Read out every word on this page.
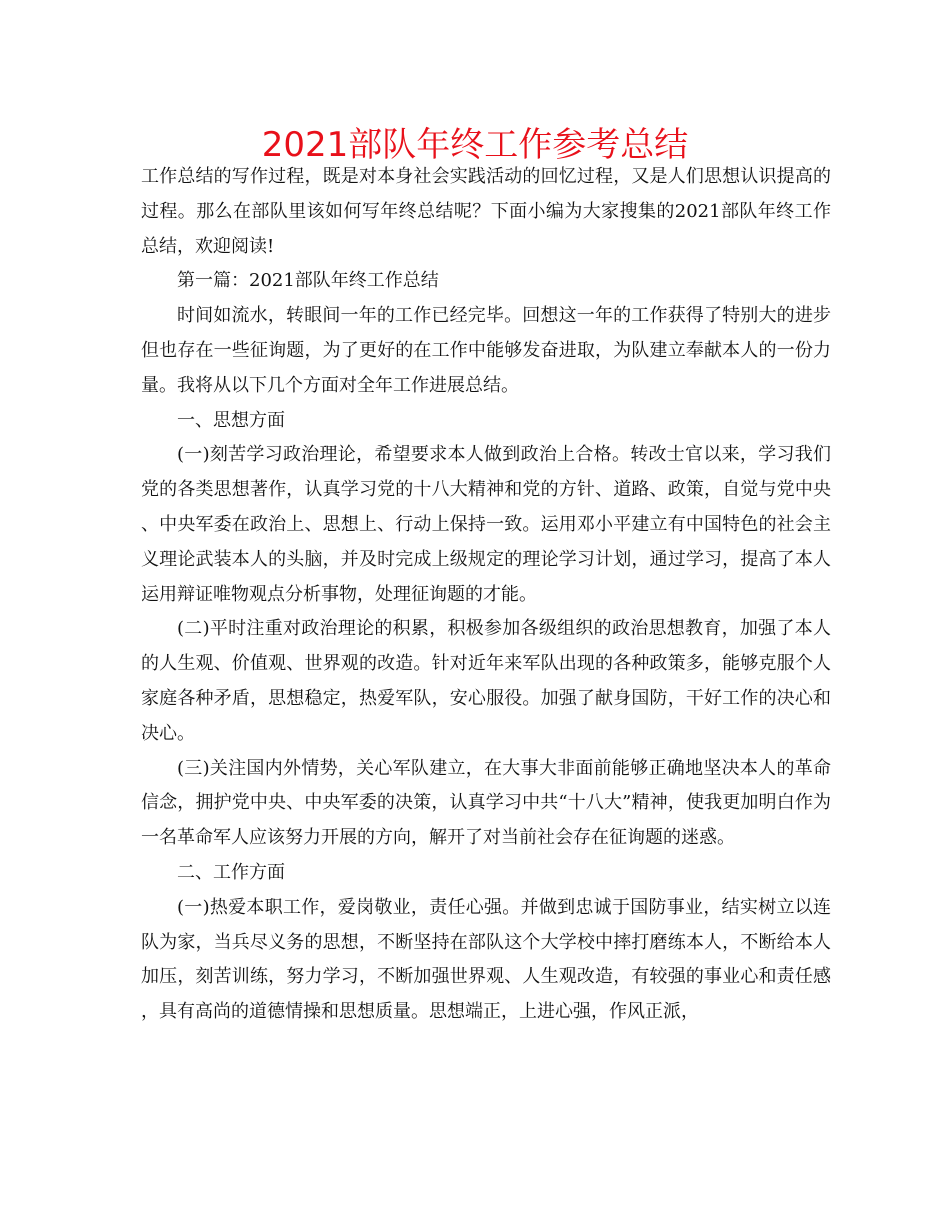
2021部队年终工作参考总结

工作总结的写作过程，既是对本身社会实践活动的回忆过程，又是人们思想认识提高的过程。那么在部队里该如何写年终总结呢？下面小编为大家搜集的2021部队年终工作总结，欢迎阅读!

第一篇：2021部队年终工作总结

时间如流水，转眼间一年的工作已经完毕。回想这一年的工作获得了特别大的进步但也存在一些征询题，为了更好的在工作中能够发奋进取，为队建立奉献本人的一份力量。我将从以下几个方面对全年工作进展总结。

一、思想方面

(一)刻苦学习政治理论，希望要求本人做到政治上合格。转改士官以来，学习我们党的各类思想著作，认真学习党的十八大精神和党的方针、道路、政策，自觉与党中央、中央军委在政治上、思想上、行动上保持一致。运用邓小平建立有中国特色的社会主义理论武装本人的头脑，并及时完成上级规定的理论学习计划，通过学习，提高了本人运用辩证唯物观点分析事物，处理征询题的才能。

(二)平时注重对政治理论的积累，积极参加各级组织的政治思想教育，加强了本人的人生观、价值观、世界观的改造。针对近年来军队出现的各种政策多，能够克服个人家庭各种矛盾，思想稳定，热爱军队，安心服役。加强了献身国防，干好工作的决心和决心。

(三)关注国内外情势，关心军队建立，在大事大非面前能够正确地坚决本人的革命信念，拥护党中央、中央军委的决策，认真学习中共“十八大”精神，使我更加明白作为一名革命军人应该努力开展的方向，解开了对当前社会存在征询题的迷惑。

二、工作方面

(一)热爱本职工作，爱岗敬业，责任心强。并做到忠诚于国防事业，结实树立以连队为家，当兵尽义务的思想，不断坚持在部队这个大学校中摔打磨练本人，不断给本人加压，刻苦训练，努力学习，不断加强世界观、人生观改造，有较强的事业心和责任感，具有高尚的道德情操和思想质量。思想端正，上进心强，作风正派，
